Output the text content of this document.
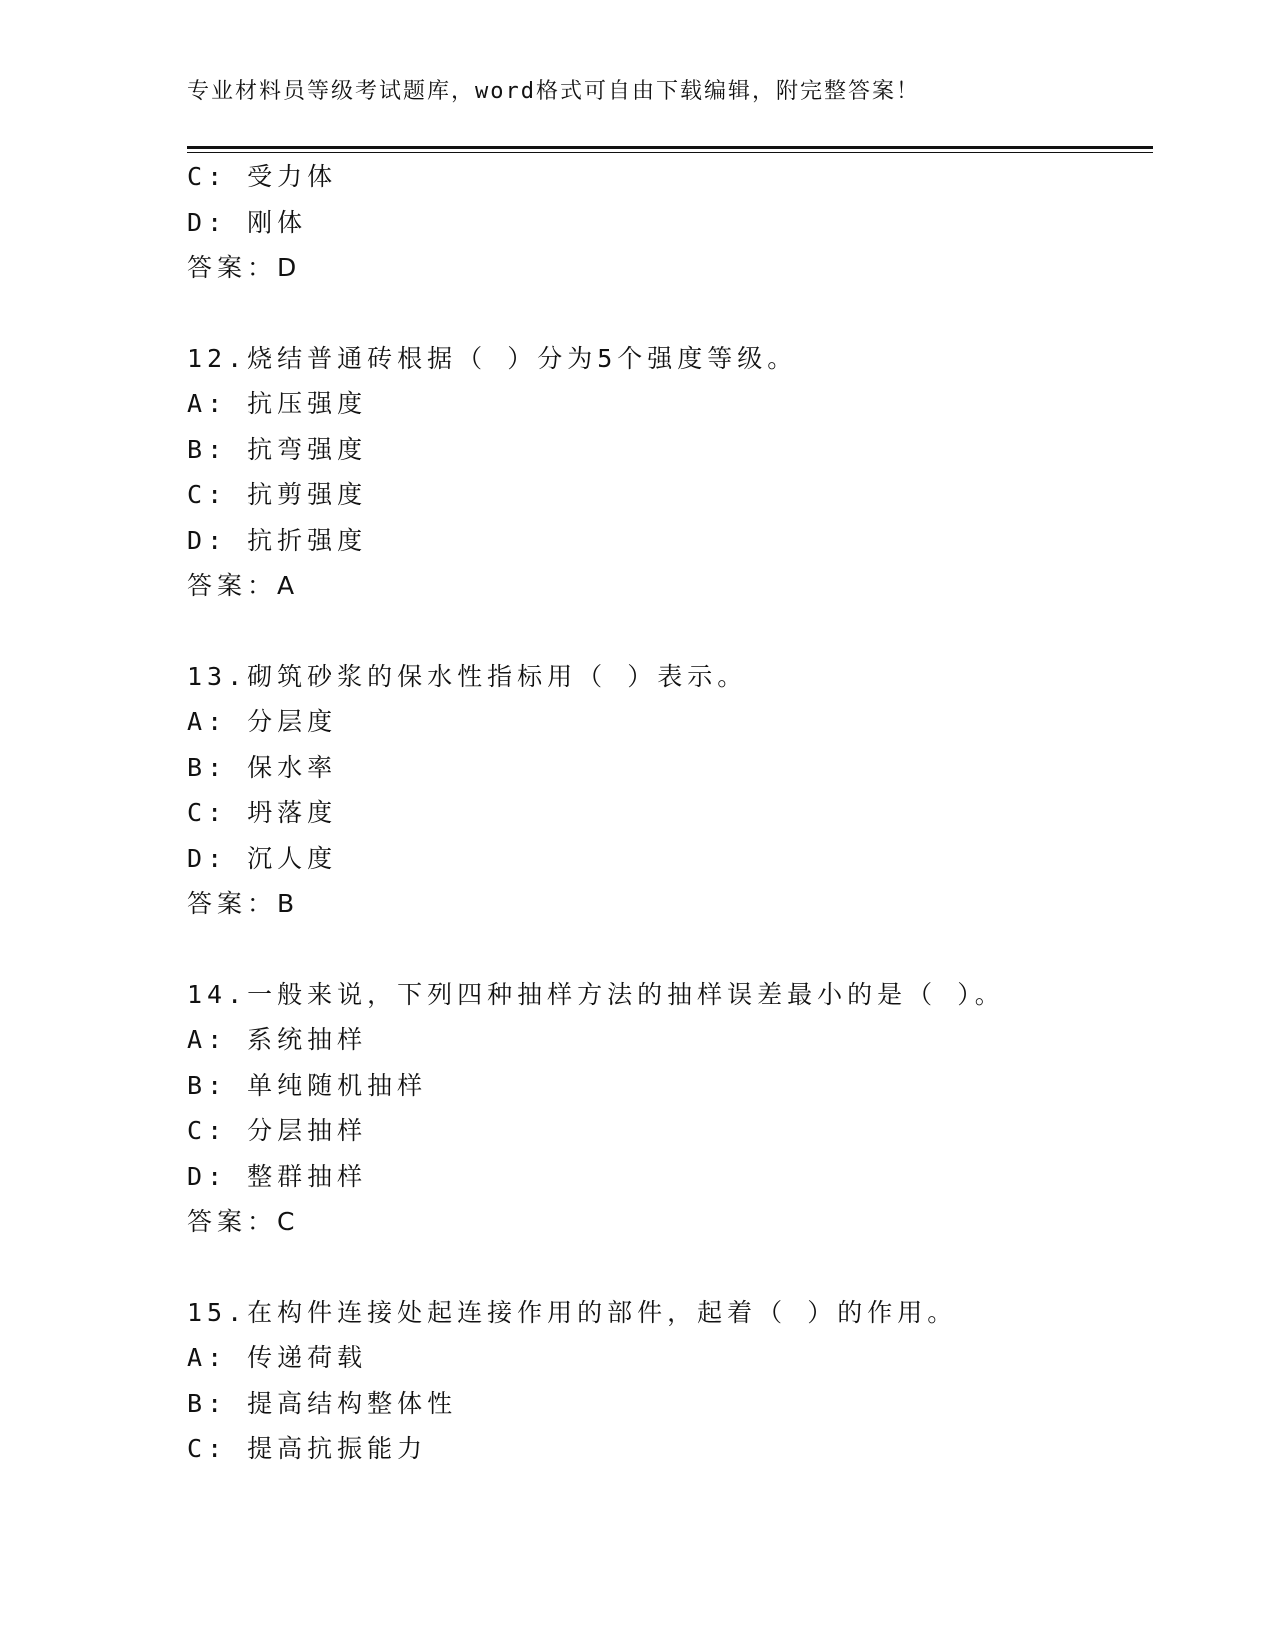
专业材料员等级考试题库，word格式可自由下载编辑，附完整答案！
C: 受力体
D: 刚体
答案：D
12.烧结普通砖根据（ ）分为5个强度等级。
A: 抗压强度
B: 抗弯强度
C: 抗剪强度
D: 抗折强度
答案：A
13.砌筑砂浆的保水性指标用（ ）表示。
A: 分层度
B: 保水率
C: 坍落度
D: 沉人度
答案：B
14.一般来说，下列四种抽样方法的抽样误差最小的是（ ）。
A: 系统抽样
B: 单纯随机抽样
C: 分层抽样
D: 整群抽样
答案：C
15.在构件连接处起连接作用的部件，起着（ ）的作用。
A: 传递荷载
B: 提高结构整体性
C: 提高抗振能力
